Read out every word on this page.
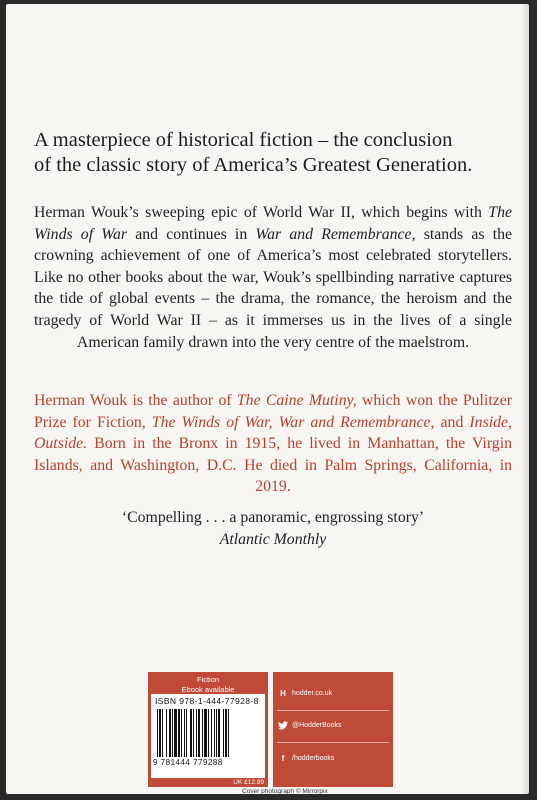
A masterpiece of historical fiction – the conclusion
of the classic story of America’s Greatest Generation.
Herman Wouk’s sweeping epic of World War II, which begins with The Winds of War and continues in War and Remembrance, stands as the crowning achievement of one of America’s most celebrated storytellers. Like no other books about the war, Wouk’s spellbinding narrative captures the tide of global events – the drama, the romance, the heroism and the tragedy of World War II – as it immerses us in the lives of a single American family drawn into the very centre of the maelstrom.
Herman Wouk is the author of The Caine Mutiny, which won the Pulitzer Prize for Fiction, The Winds of War, War and Remembrance, and Inside, Outside. Born in the Bronx in 1915, he lived in Manhattan, the Virgin Islands, and Washington, D.C. He died in Palm Springs, California, in 2019.
‘Compelling . . . a panoramic, engrossing story’
Atlantic Monthly
Fiction
Ebook available
ISBN 978-1-444-77928-8
9 781444 779288
UK £12.99
H hodder.co.uk
@HodderBooks
f	/hodderbooks
Cover photograph © Mirrorpix
